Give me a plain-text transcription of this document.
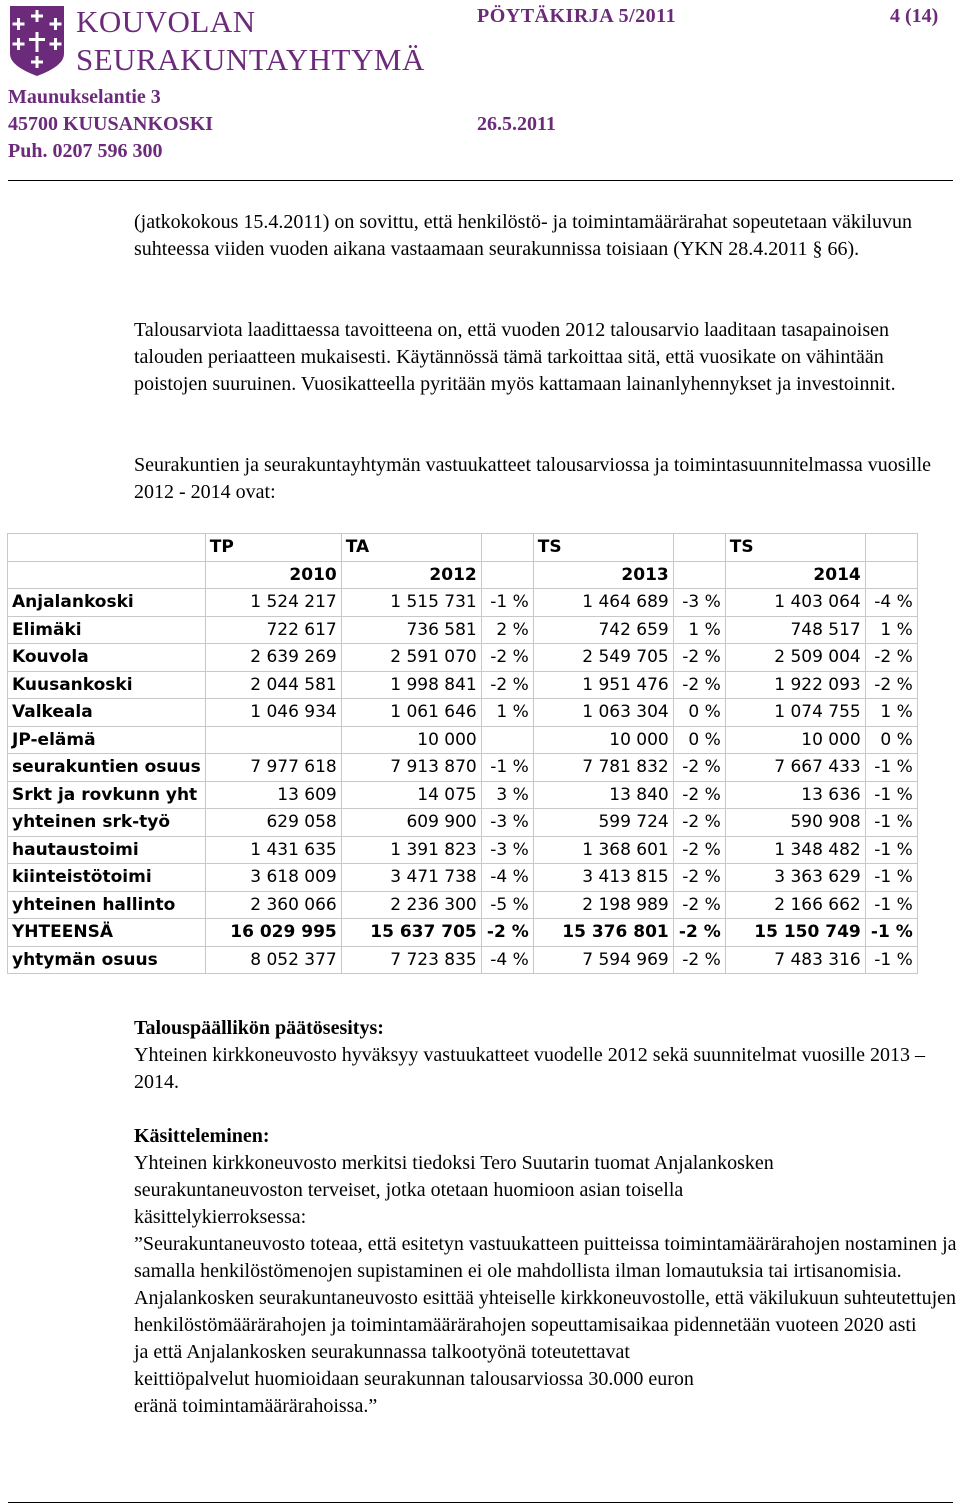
KOUVOLAN
SEURAKUNTAYHTYMÄ
PÖYTÄKIRJA 5/2011	4 (14)
Maunukselantie 3
45700 KUUSANKOSKI
Puh. 0207 596 300
26.5.2011

(jatkokokous 15.4.2011) on sovittu, että henkilöstö- ja toimintamäärärahat sopeutetaan väkiluvun suhteessa viiden vuoden aikana vastaamaan seurakunnissa toisiaan (YKN 28.4.2011 § 66).

Talousarviota laadittaessa tavoitteena on, että vuoden 2012 talousarvio laaditaan tasapainoisen talouden periaatteen mukaisesti. Käytännössä tämä tarkoittaa sitä, että vuosikate on vähintään poistojen suuruinen. Vuosikatteella pyritään myös kattamaan lainanlyhennykset ja investoinnit.

Seurakuntien ja seurakuntayhtymän vastuukatteet talousarviossa ja toimintasuunnitelmassa vuosille 2012 - 2014 ovat:

	TP	TA		TS		TS	
	2010	2012		2013		2014	
Anjalankoski	1 524 217	1 515 731	-1 %	1 464 689	-3 %	1 403 064	-4 %
Elimäki	722 617	736 581	2 %	742 659	1 %	748 517	1 %
Kouvola	2 639 269	2 591 070	-2 %	2 549 705	-2 %	2 509 004	-2 %
Kuusankoski	2 044 581	1 998 841	-2 %	1 951 476	-2 %	1 922 093	-2 %
Valkeala	1 046 934	1 061 646	1 %	1 063 304	0 %	1 074 755	1 %
JP-elämä		10 000		10 000	0 %	10 000	0 %
seurakuntien osuus	7 977 618	7 913 870	-1 %	7 781 832	-2 %	7 667 433	-1 %
Srkt ja rovkunn yht	13 609	14 075	3 %	13 840	-2 %	13 636	-1 %
yhteinen srk-työ	629 058	609 900	-3 %	599 724	-2 %	590 908	-1 %
hautaustoimi	1 431 635	1 391 823	-3 %	1 368 601	-2 %	1 348 482	-1 %
kiinteistötoimi	3 618 009	3 471 738	-4 %	3 413 815	-2 %	3 363 629	-1 %
yhteinen hallinto	2 360 066	2 236 300	-5 %	2 198 989	-2 %	2 166 662	-1 %
YHTEENSÄ	16 029 995	15 637 705	-2 %	15 376 801	-2 %	15 150 749	-1 %
yhtymän osuus	8 052 377	7 723 835	-4 %	7 594 969	-2 %	7 483 316	-1 %

Talouspäällikön päätösesitys:

Yhteinen kirkkoneuvosto hyväksyy vastuukatteet vuodelle 2012 sekä suunnitelmat vuosille 2013 – 2014.

Käsitteleminen:

Yhteinen kirkkoneuvosto merkitsi tiedoksi Tero Suutarin tuomat Anjalankosken seurakuntaneuvoston terveiset, jotka otetaan huomioon asian toisella käsittelykierroksessa:

”Seurakuntaneuvosto toteaa, että esitetyn vastuukatteen puitteissa toimintamäärärahojen nostaminen ja samalla henkilöstömenojen supistaminen ei ole mahdollista ilman lomautuksia tai irtisanomisia. Anjalankosken seurakuntaneuvosto esittää yhteiselle kirkkoneuvostolle, että väkilukuun suhteutettujen henkilöstömäärärahojen ja toimintamäärärahojen sopeuttamisaikaa pidennetään vuoteen 2020 asti

ja että Anjalankosken seurakunnassa talkootyönä toteutettavat

keittiöpalvelut huomioidaan seurakunnan talousarviossa 30.000 euron

eränä toimintamäärärahoissa.”
